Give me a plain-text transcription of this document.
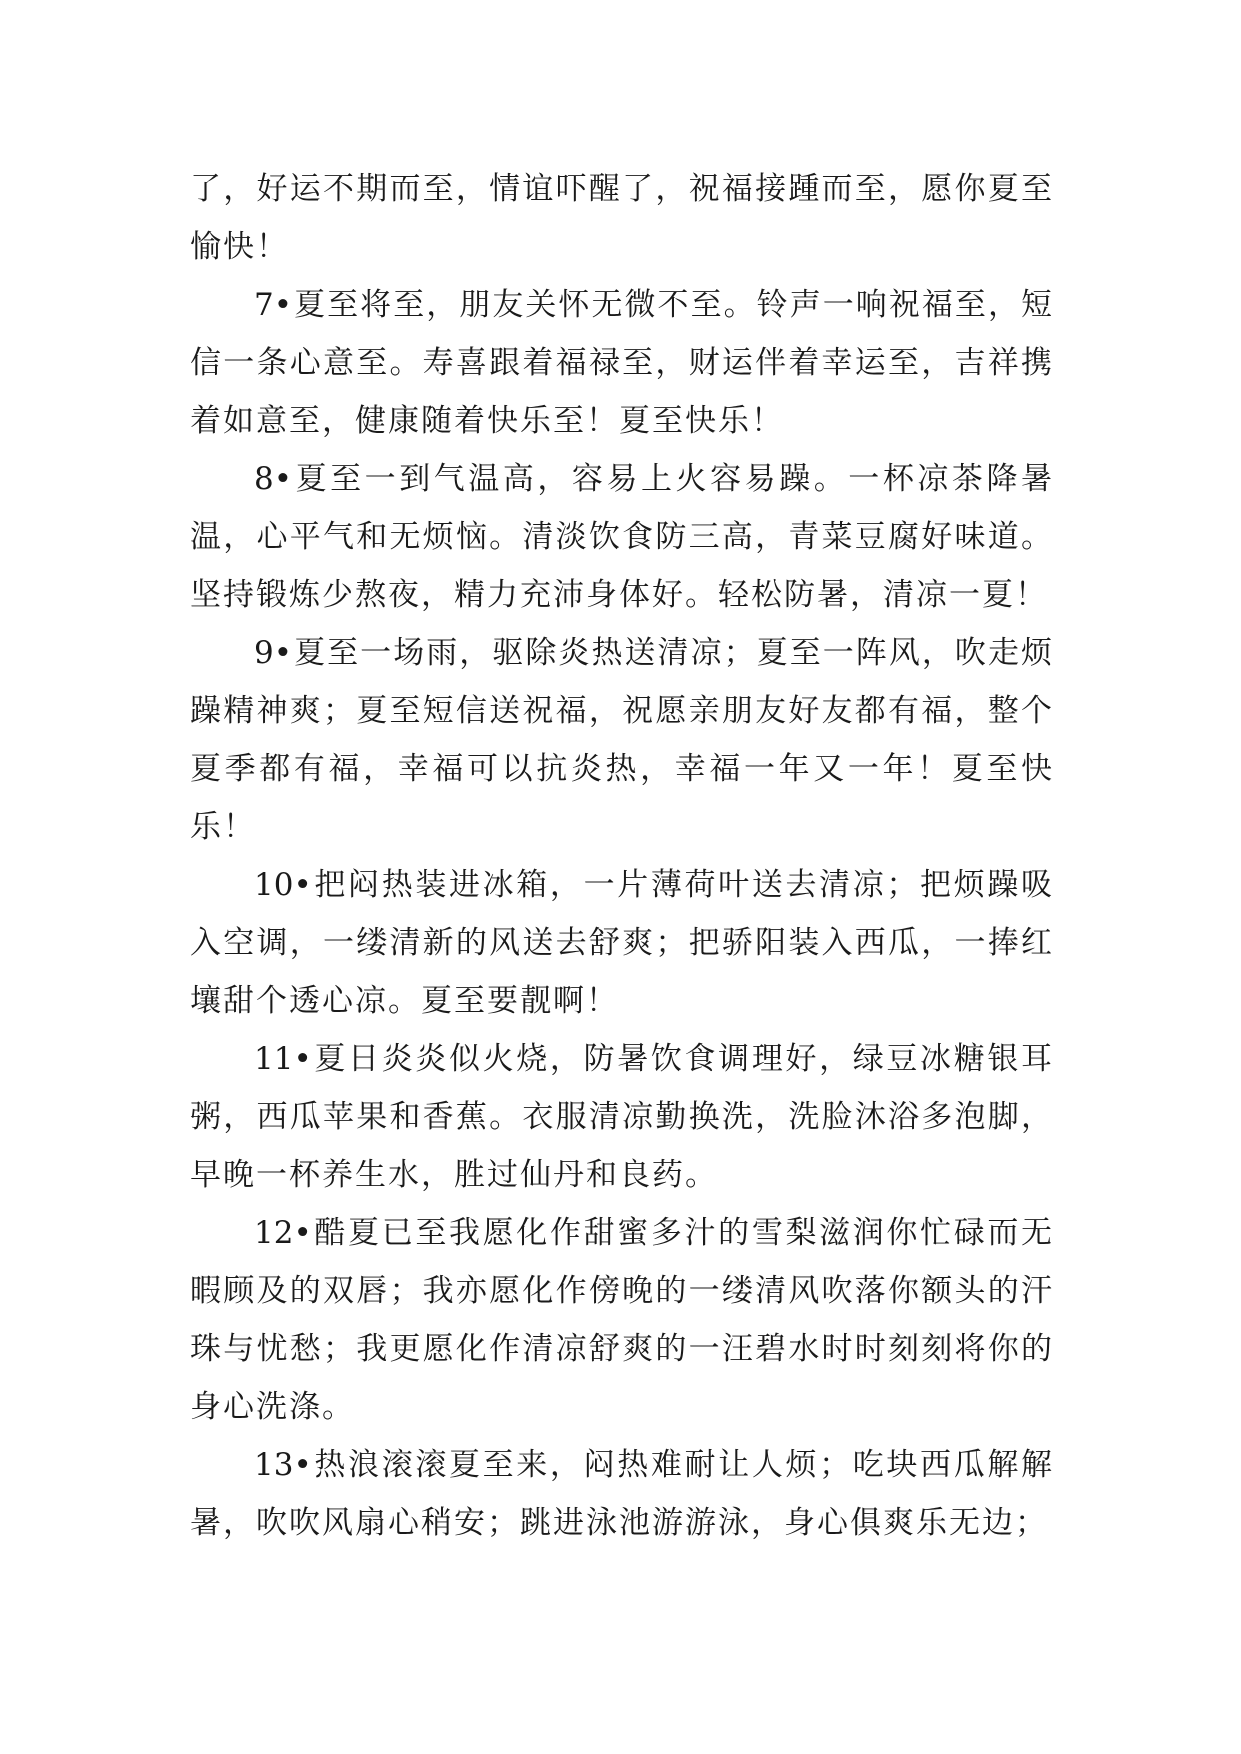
了，好运不期而至，情谊吓醒了，祝福接踵而至，愿你夏至愉快！

7•夏至将至，朋友关怀无微不至。铃声一响祝福至，短信一条心意至。寿喜跟着福禄至，财运伴着幸运至，吉祥携着如意至，健康随着快乐至！夏至快乐！

8•夏至一到气温高，容易上火容易躁。一杯凉茶降暑温，心平气和无烦恼。清淡饮食防三高，青菜豆腐好味道。坚持锻炼少熬夜，精力充沛身体好。轻松防暑，清凉一夏！

9•夏至一场雨，驱除炎热送清凉；夏至一阵风，吹走烦躁精神爽；夏至短信送祝福，祝愿亲朋友好友都有福，整个夏季都有福，幸福可以抗炎热，幸福一年又一年！夏至快乐！

10•把闷热装进冰箱，一片薄荷叶送去清凉；把烦躁吸入空调，一缕清新的风送去舒爽；把骄阳装入西瓜，一捧红壤甜个透心凉。夏至要靓啊！

11•夏日炎炎似火烧，防暑饮食调理好，绿豆冰糖银耳粥，西瓜苹果和香蕉。衣服清凉勤换洗，洗脸沐浴多泡脚，早晚一杯养生水，胜过仙丹和良药。

12•酷夏已至我愿化作甜蜜多汁的雪梨滋润你忙碌而无暇顾及的双唇；我亦愿化作傍晚的一缕清风吹落你额头的汗珠与忧愁；我更愿化作清凉舒爽的一汪碧水时时刻刻将你的身心洗涤。

13•热浪滚滚夏至来，闷热难耐让人烦；吃块西瓜解解暑，吹吹风扇心稍安；跳进泳池游游泳，身心俱爽乐无边；
